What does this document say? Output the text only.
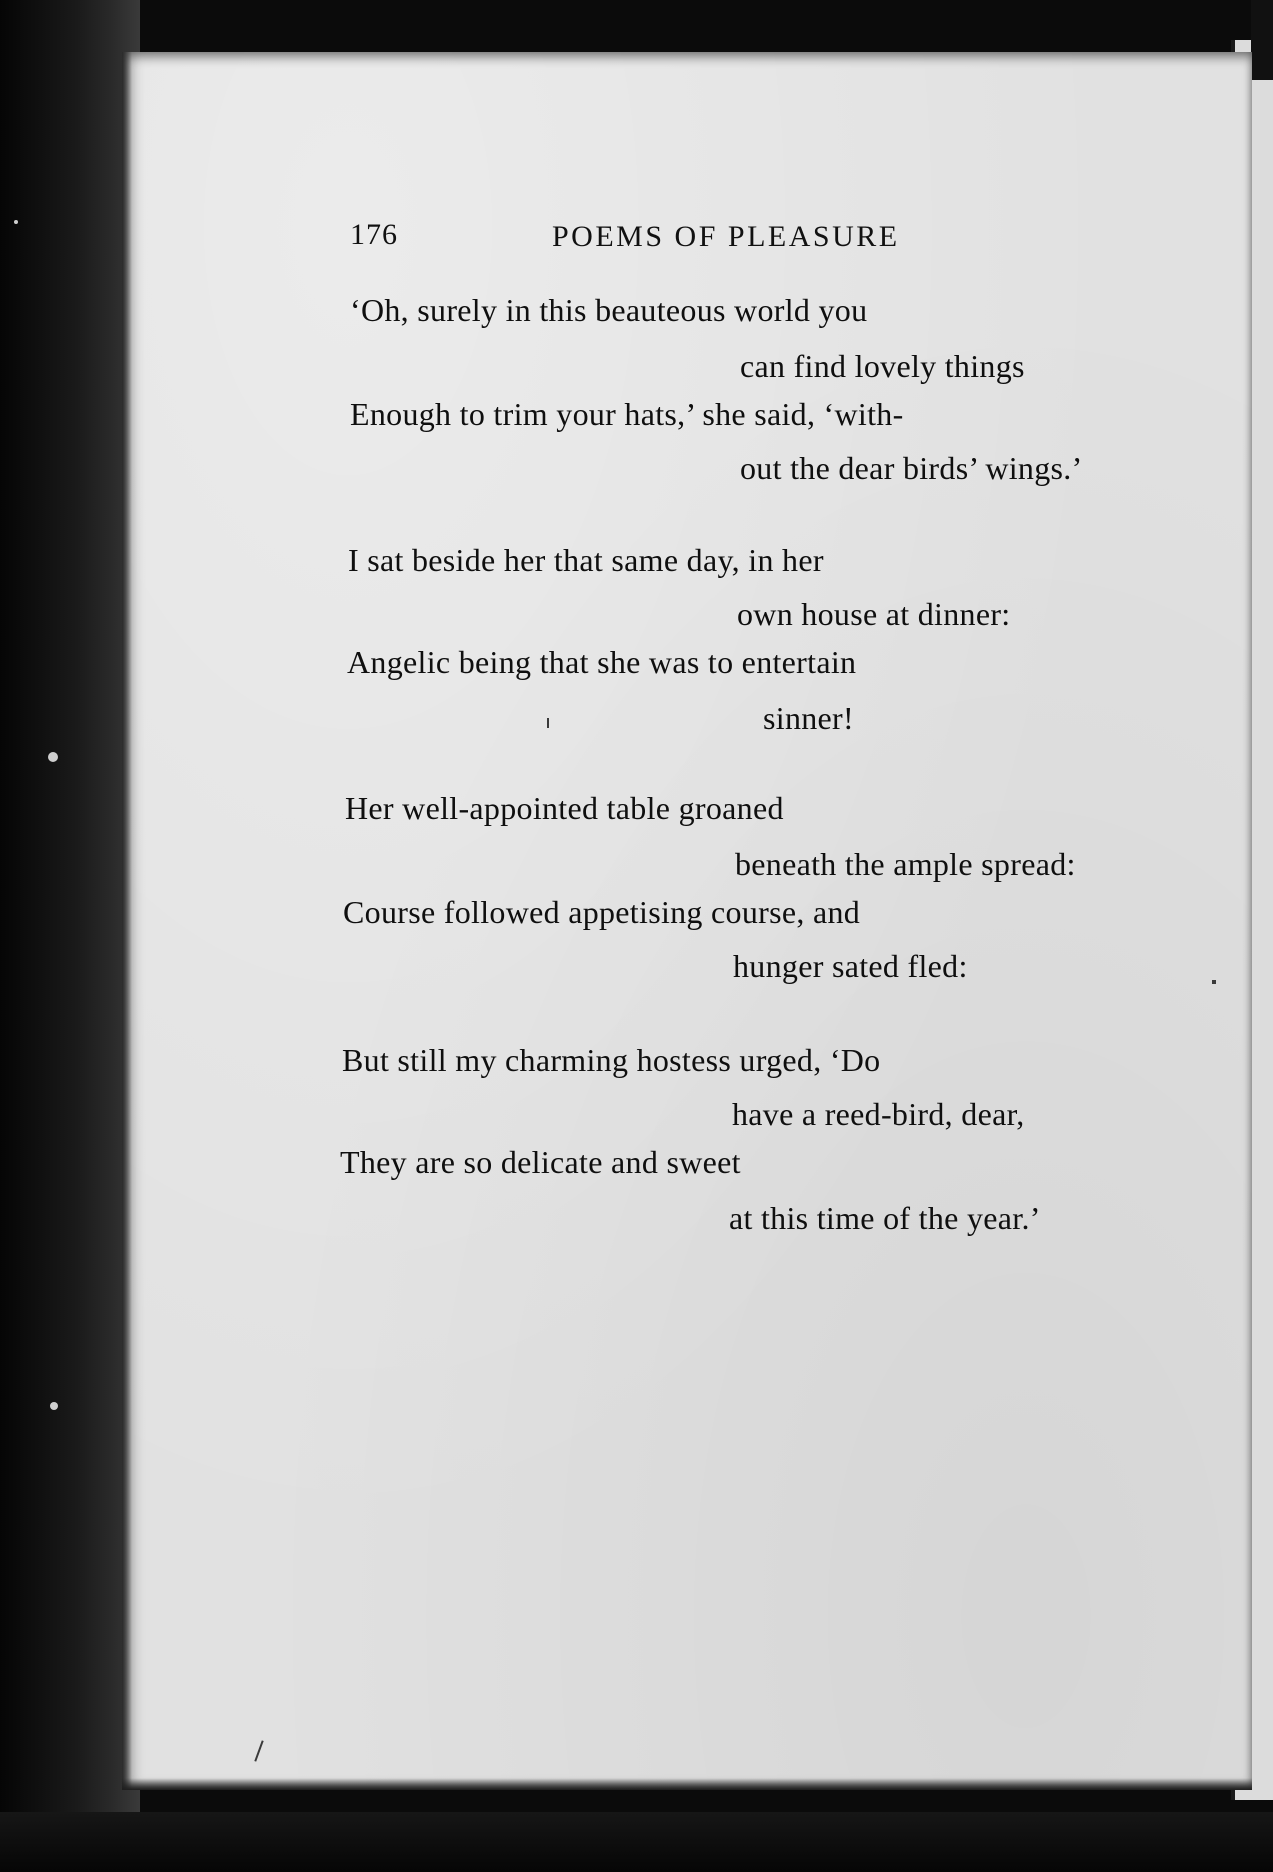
176	POEMS OF PLEASURE
‘Oh, surely in this beauteous world you
can find lovely things
Enough to trim your hats,’ she said, ‘with-
out the dear birds’ wings.’
I sat beside her that same day, in her
own house at dinner:
Angelic being that she was to entertain
sinner!
Her well-appointed table groaned
beneath the ample spread:
Course followed appetising course, and
hunger sated fled:
But still my charming hostess urged, ‘Do
have a reed-bird, dear,
They are so delicate and sweet
at this time of the year.’
